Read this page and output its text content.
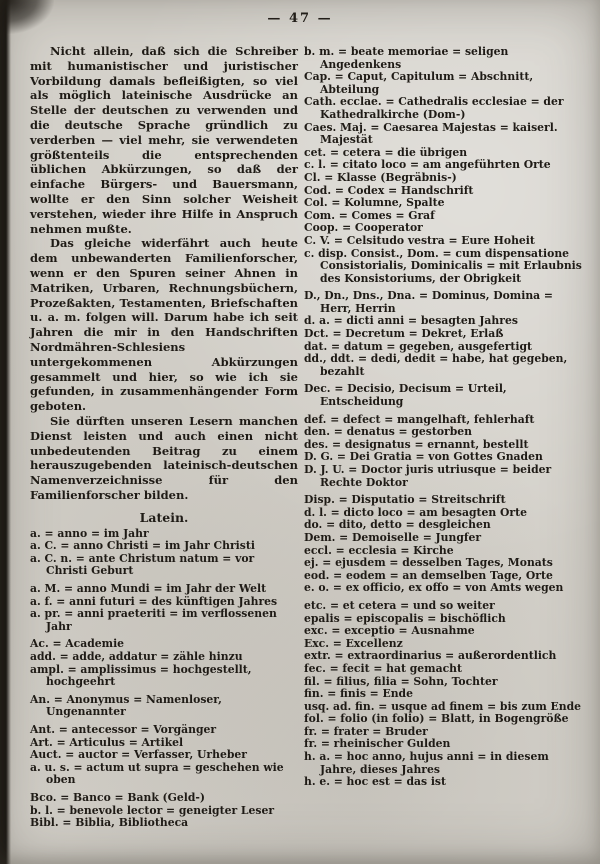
— 47 —

Nicht allein, daß sich die Schreiber mit humanistischer und juristischer Vorbildung damals befleißigten, so viel als möglich lateinische Ausdrücke an Stelle der deutschen zu verwenden und die deutsche Sprache gründlich zu verderben — viel mehr, sie verwendeten größtenteils die entsprechenden üblichen Abkürzungen, so daß der einfache Bürgers- und Bauersmann, wollte er den Sinn solcher Weisheit verstehen, wieder ihre Hilfe in Anspruch nehmen mußte.

Das gleiche widerfährt auch heute dem unbewanderten Familienforscher, wenn er den Spuren seiner Ahnen in Matriken, Urbaren, Rechnungsbüchern, Prozeßakten, Testamenten, Briefschaften u. a. m. folgen will. Darum habe ich seit Jahren die mir in den Handschriften Nordmähren-Schlesiens untergekommenen Abkürzungen gesammelt und hier, so wie ich sie gefunden, in zusammenhängender Form geboten.

Sie dürften unseren Lesern manchen Dienst leisten und auch einen nicht unbedeutenden Beitrag zu einem herauszugebenden lateinisch-deutschen Namenverzeichnisse für den Familienforscher bilden.

Latein.
a. = anno = im Jahr
a. C. = anno Christi = im Jahr Christi
a. C. n. = ante Christum natum = vor Christi Geburt
a. M. = anno Mundi = im Jahr der Welt
a. f. = anni futuri = des künftigen Jahres
a. pr. = anni praeteriti = im verflossenen Jahr
Ac. = Academie
add. = adde, addatur = zähle hinzu
ampl. = amplissimus = hochgestellt, hochgeehrt
An. = Anonymus = Namenloser, Ungenannter
Ant. = antecessor = Vorgänger
Art. = Articulus = Artikel
Auct. = auctor = Verfasser, Urheber
a. u. s. = actum ut supra = geschehen wie oben
Bco. = Banco = Bank (Geld-)
b. l. = benevole lector = geneigter Leser
Bibl. = Biblia, Bibliotheca
b. m. = beate memoriae = seligen Angedenkens
Cap. = Caput, Capitulum = Abschnitt, Abteilung
Cath. ecclae. = Cathedralis ecclesiae = der Kathedralkirche (Dom-)
Caes. Maj. = Caesarea Majestas = kaiserl. Majestät
cet. = cetera = die übrigen
c. l. = citato loco = am angeführten Orte
Cl. = Klasse (Begräbnis-)
Cod. = Codex = Handschrift
Col. = Kolumne, Spalte
Com. = Comes = Graf
Coop. = Cooperator
C. V. = Celsitudo vestra = Eure Hoheit
c. disp. Consist., Dom. = cum dispensatione Consistorialis, Dominicalis = mit Erlaubnis des Konsistoriums, der Obrigkeit
D., Dn., Dns., Dna. = Dominus, Domina = Herr, Herrin
d. a. = dicti anni = besagten Jahres
Dct. = Decretum = Dekret, Erlaß
dat. = datum = gegeben, ausgefertigt
dd., ddt. = dedi, dedit = habe, hat gegeben, bezahlt
Dec. = Decisio, Decisum = Urteil, Entscheidung
def. = defect = mangelhaft, fehlerhaft
den. = denatus = gestorben
des. = designatus = ernannt, bestellt
D. G. = Dei Gratia = von Gottes Gnaden
D. J. U. = Doctor juris utriusque = beider Rechte Doktor
Disp. = Disputatio = Streitschrift
d. l. = dicto loco = am besagten Orte
do. = dito, detto = desgleichen
Dem. = Demoiselle = Jungfer
eccl. = ecclesia = Kirche
ej. = ejusdem = desselben Tages, Monats
eod. = eodem = an demselben Tage, Orte
e. o. = ex officio, ex offo = von Amts wegen
etc. = et cetera = und so weiter
epalis = episcopalis = bischöflich
exc. = exceptio = Ausnahme
Exc. = Excellenz
extr. = extraordinarius = außerordentlich
fec. = fecit = hat gemacht
fil. = filius, filia = Sohn, Tochter
fin. = finis = Ende
usq. ad. fin. = usque ad finem = bis zum Ende
fol. = folio (in folio) = Blatt, in Bogengröße
fr. = frater = Bruder
fr. = rheinischer Gulden
h. a. = hoc anno, hujus anni = in diesem Jahre, dieses Jahres
h. e. = hoc est = das ist
